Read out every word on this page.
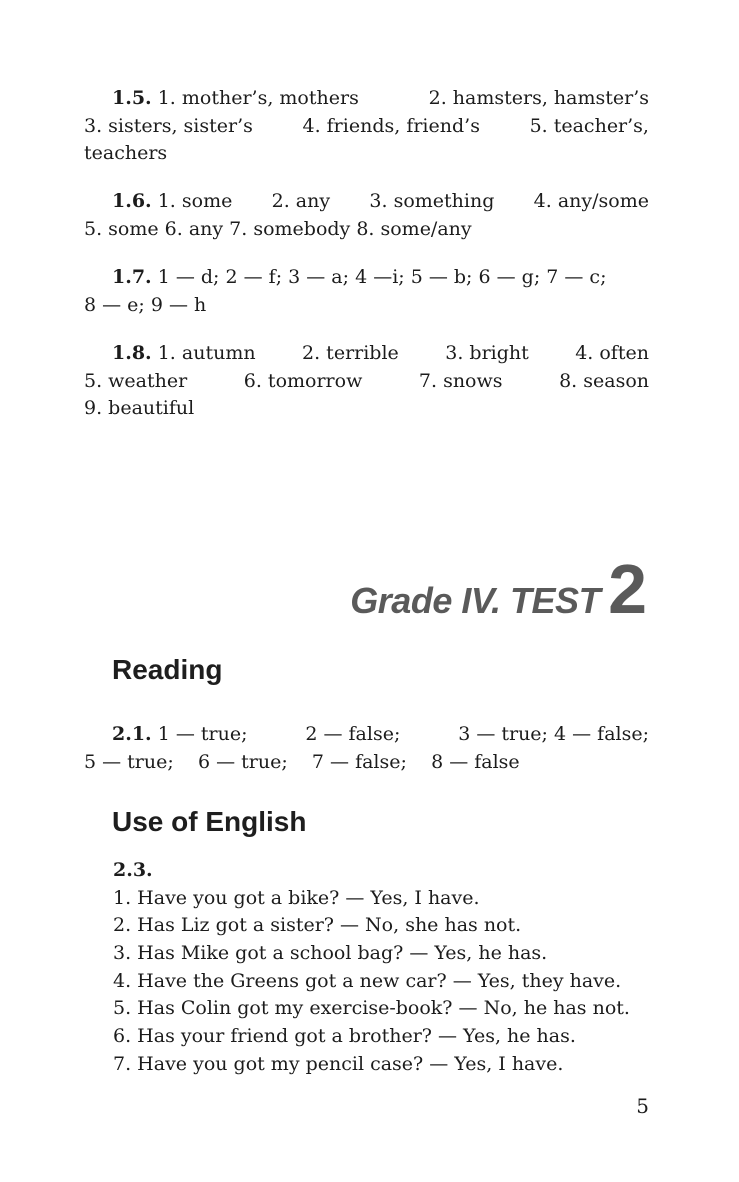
1.5. 1. mother’s, mothers	2. hamsters, hamster’s
3. sisters, sister’s	4. friends, friend’s	5. teacher’s,
teachers
1.6. 1. some 2. any 3. something 4. any/some
5. some 6. any 7. somebody 8. some/any
1.7. 1 — d; 2 — f; 3 — a; 4 —i; 5 — b; 6 — g; 7 — c;
8 — e; 9 — h
1.8. 1. autumn 2. terrible 3. bright 4. often
5. weather	6. tomorrow	7. snows	8. season
9. beautiful
Grade IV. TEST 2
Reading
2.1. 1 — true;	2 — false;	3 — true; 4 — false;
5 — true; 6 — true; 7 — false; 8 — false
Use of English
2.3.
1. Have you got a bike? — Yes, I have.
2. Has Liz got a sister? — No, she has not.
3. Has Mike got a school bag? — Yes, he has.
4. Have the Greens got a new car? — Yes, they have.
5. Has Colin got my exercise-book? — No, he has not.
6. Has your friend got a brother? — Yes, he has.
7. Have you got my pencil case? — Yes, I have.
5
